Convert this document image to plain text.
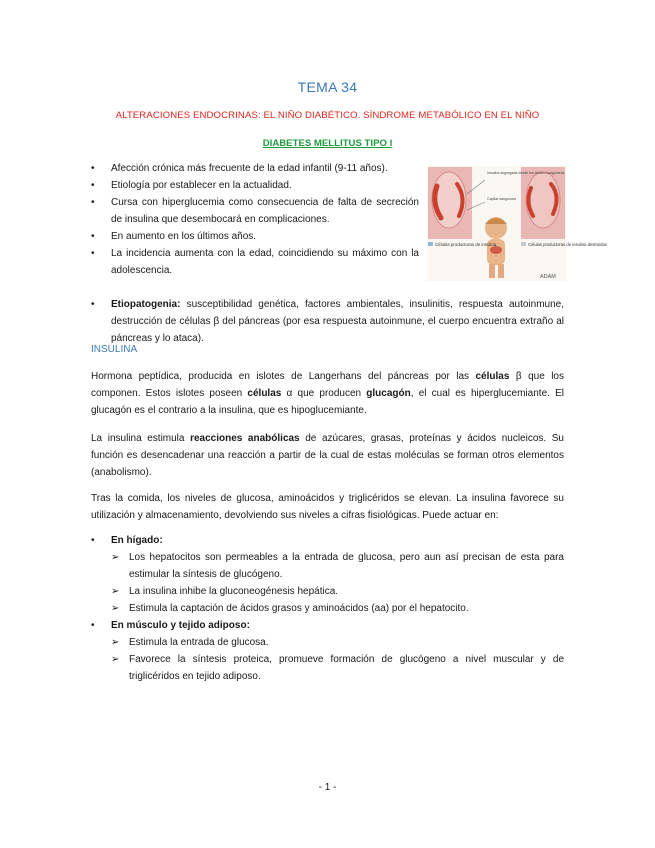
TEMA 34
ALTERACIONES ENDOCRINAS: EL NIÑO DIABÉTICO. SÍNDROME METABÓLICO EN EL NIÑO
DIABETES MELLITUS TIPO I
• Afección crónica más frecuente de la edad infantil (9-11 años).
• Etiología por establecer en la actualidad.
• Cursa con hiperglucemia como consecuencia de falta de secreción de insulina que desembocará en complicaciones.
• En aumento en los últimos años.
• La incidencia aumenta con la edad, coincidiendo su máximo con la adolescencia.
Insulina segregada desde los islotes sanguíneos
Capilar sanguíneo
Células productoras de insulina	Células productoras de insulina destruidas
ADAM
• Etiopatogenia: susceptibilidad genética, factores ambientales, insulinitis, respuesta autoinmune, destrucción de células β del páncreas (por esa respuesta autoinmune, el cuerpo encuentra extraño al páncreas y lo ataca).
INSULINA

Hormona peptídica, producida en islotes de Langerhans del páncreas por las células β que los componen. Estos islotes poseen células α que producen glucagón, el cual es hiperglucemiante. El glucagón es el contrario a la insulina, que es hipoglucemiante.

La insulina estimula reacciones anabólicas de azúcares, grasas, proteínas y ácidos nucleicos. Su función es desencadenar una reacción a partir de la cual de estas moléculas se forman otros elementos (anabolismo).

Tras la comida, los niveles de glucosa, aminoácidos y triglicéridos se elevan. La insulina favorece su utilización y almacenamiento, devolviendo sus niveles a cifras fisiológicas. Puede actuar en:

• En hígado:
➢ Los hepatocitos son permeables a la entrada de glucosa, pero aun así precisan de esta para estimular la síntesis de glucógeno.
➢ La insulina inhibe la gluconeogénesis hepática.
➢ Estimula la captación de ácidos grasos y aminoácidos (aa) por el hepatocito.
• En músculo y tejido adiposo:
➢ Estimula la entrada de glucosa.
➢ Favorece la síntesis proteica, promueve formación de glucógeno a nivel muscular y de triglicéridos en tejido adiposo.
- 1 -
